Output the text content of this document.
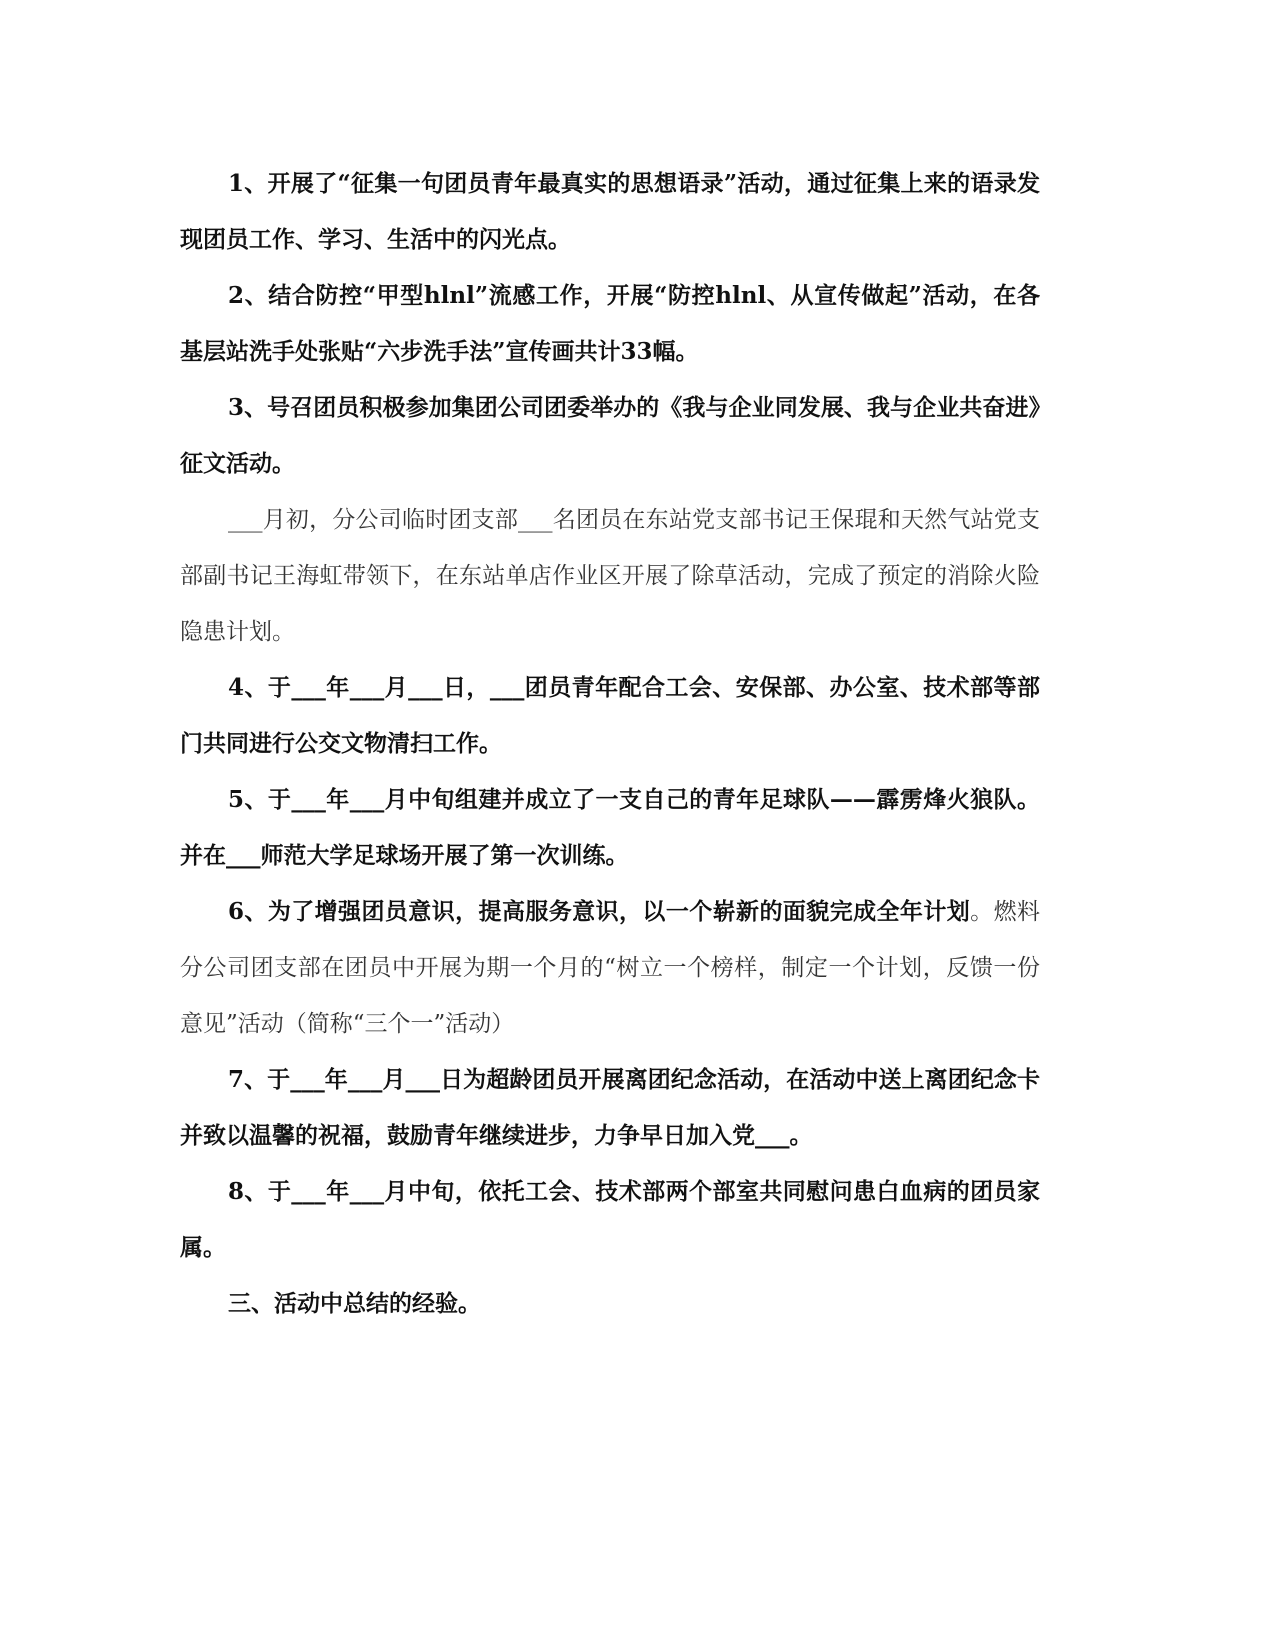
1、开展了“征集一句团员青年最真实的思想语录”活动，通过征集上来的语录发现团员工作、学习、生活中的闪光点。

2、结合防控“甲型hlnl”流感工作，开展“防控hlnl、从宣传做起”活动，在各基层站洗手处张贴“六步洗手法”宣传画共计33幅。

3、号召团员积极参加集团公司团委举办的《我与企业同发展、我与企业共奋进》征文活动。

___月初，分公司临时团支部___名团员在东站党支部书记王保琨和天然气站党支部副书记王海虹带领下，在东站单店作业区开展了除草活动，完成了预定的消除火险隐患计划。

4、于___年___月___日，___团员青年配合工会、安保部、办公室、技术部等部门共同进行公交文物清扫工作。

5、于___年___月中旬组建并成立了一支自己的青年足球队——霹雳烽火狼队。并在___师范大学足球场开展了第一次训练。

6、为了增强团员意识，提高服务意识，以一个崭新的面貌完成全年计划。燃料分公司团支部在团员中开展为期一个月的“树立一个榜样，制定一个计划，反馈一份意见”活动（简称“三个一”活动）

7、于___年___月___日为超龄团员开展离团纪念活动，在活动中送上离团纪念卡并致以温馨的祝福，鼓励青年继续进步，力争早日加入党___。

8、于___年___月中旬，依托工会、技术部两个部室共同慰问患白血病的团员家属。

三、活动中总结的经验。
